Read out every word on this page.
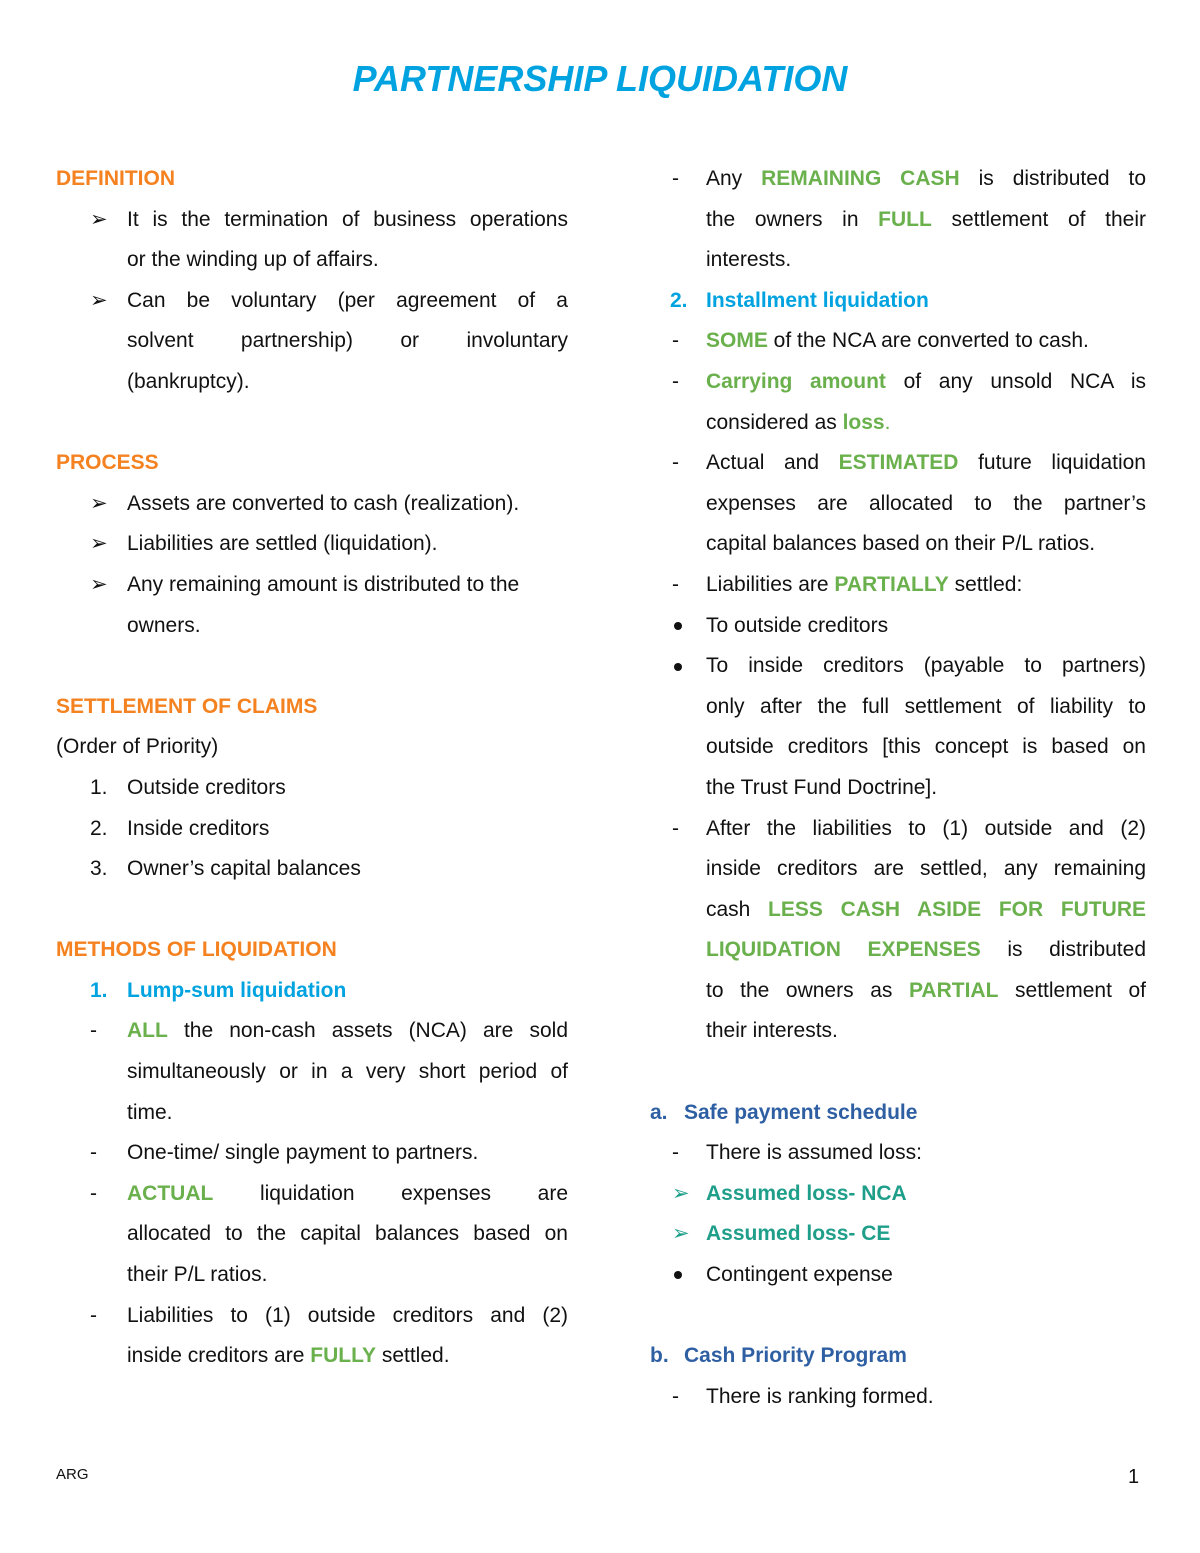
PARTNERSHIP LIQUIDATION
DEFINITION
➢ It is the termination of business operations
or the winding up of affairs.
➢ Can be voluntary (per agreement of a
solvent partnership) or involuntary
(bankruptcy).
PROCESS
➢ Assets are converted to cash (realization).
➢ Liabilities are settled (liquidation).
➢ Any remaining amount is distributed to the
owners.
SETTLEMENT OF CLAIMS
(Order of Priority)
1. Outside creditors
2. Inside creditors
3. Owner’s capital balances
METHODS OF LIQUIDATION
1. Lump-sum liquidation
- ALL the non-cash assets (NCA) are sold
simultaneously or in a very short period of
time.
- One-time/ single payment to partners.
- ACTUAL liquidation expenses are
allocated to the capital balances based on
their P/L ratios.
- Liabilities to (1) outside creditors and (2)
inside creditors are FULLY settled.
- Any REMAINING CASH is distributed to
the owners in FULL settlement of their
interests.
2. Installment liquidation
- SOME of the NCA are converted to cash.
- Carrying amount of any unsold NCA is
considered as loss.
- Actual and ESTIMATED future liquidation
expenses are allocated to the partner’s
capital balances based on their P/L ratios.
- Liabilities are PARTIALLY settled:
To outside creditors
To inside creditors (payable to partners)
only after the full settlement of liability to
outside creditors [this concept is based on
the Trust Fund Doctrine].
- After the liabilities to (1) outside and (2)
inside creditors are settled, any remaining
cash LESS CASH ASIDE FOR FUTURE
LIQUIDATION EXPENSES is distributed
to the owners as PARTIAL settlement of
their interests.
a. Safe payment schedule
- There is assumed loss:
➢ Assumed loss- NCA
➢ Assumed loss- CE
Contingent expense
b. Cash Priority Program
- There is ranking formed.
ARG	1
